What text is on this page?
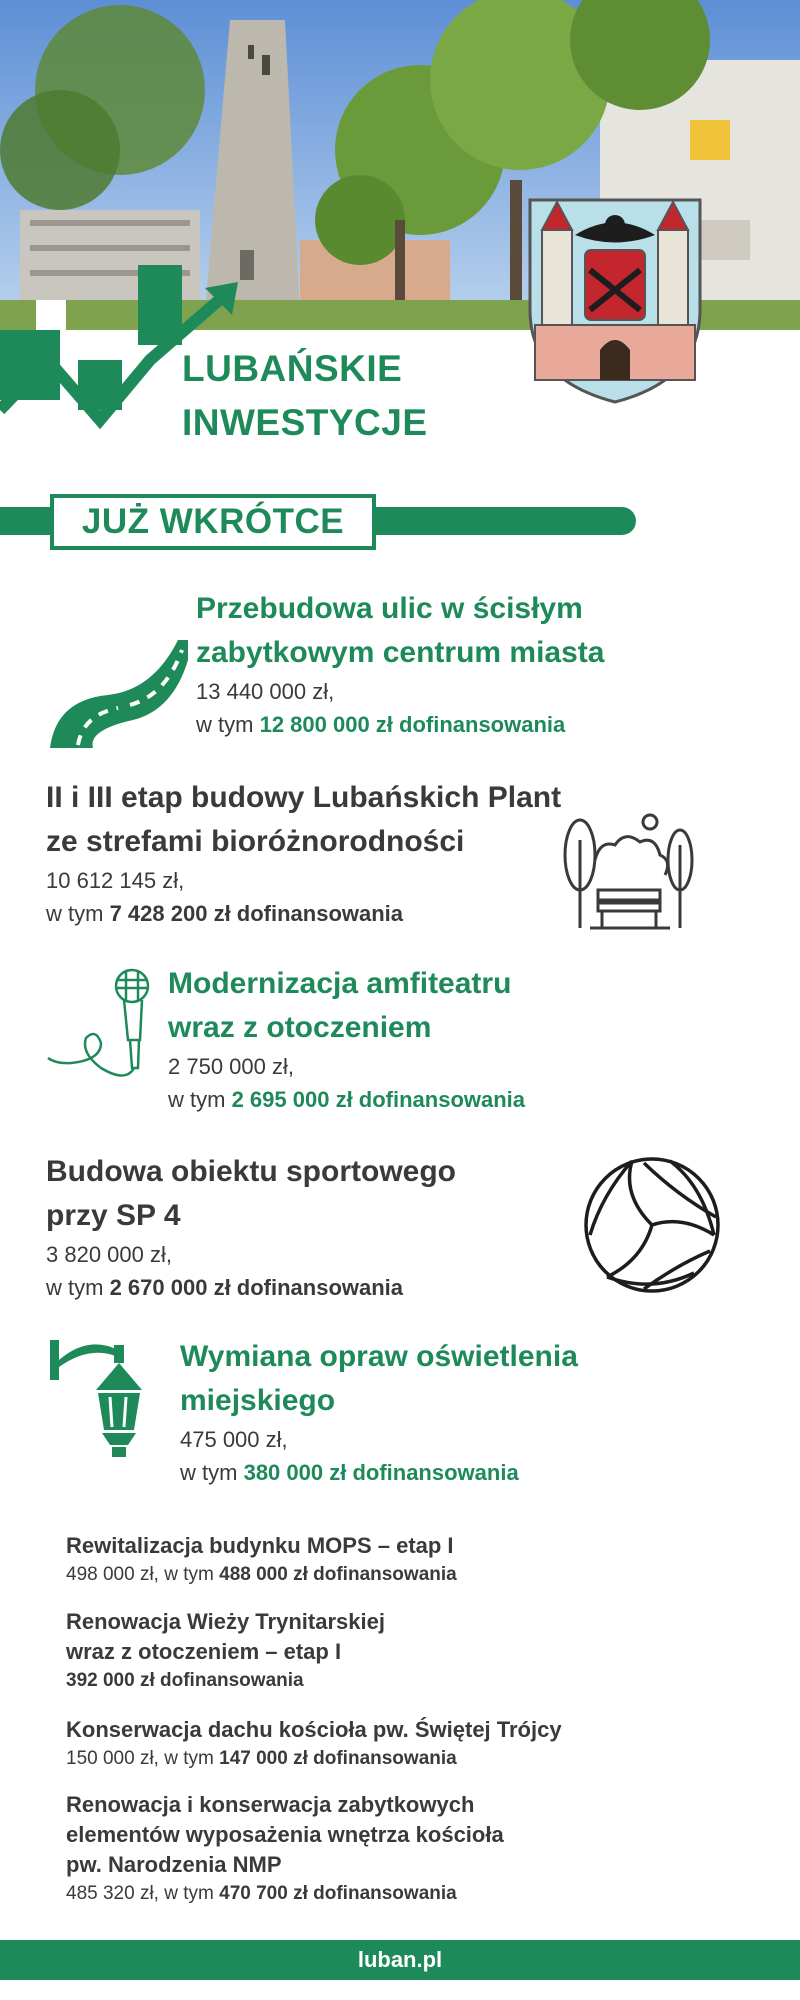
LUBAŃSKIE
INWESTYCJE
JUŻ WKRÓTCE
Przebudowa ulic w ścisłym
zabytkowym centrum miasta
13 440 000 zł,
w tym 12 800 000 zł dofinansowania
II i III etap budowy Lubańskich Plant
ze strefami bioróżnorodności
10 612 145 zł,
w tym 7 428 200 zł dofinansowania
Modernizacja amfiteatru
wraz z otoczeniem
2 750 000 zł,
w tym 2 695 000 zł dofinansowania
Budowa obiektu sportowego
przy SP 4
3 820 000 zł,
w tym 2 670 000 zł dofinansowania
Wymiana opraw oświetlenia
miejskiego
475 000 zł,
w tym 380 000 zł dofinansowania
Rewitalizacja budynku MOPS – etap I
498 000 zł, w tym 488 000 zł dofinansowania
Renowacja Wieży Trynitarskiej
wraz z otoczeniem – etap I
392 000 zł dofinansowania
Konserwacja dachu kościoła pw. Świętej Trójcy
150 000 zł, w tym 147 000 zł dofinansowania
Renowacja i konserwacja zabytkowych
elementów wyposażenia wnętrza kościoła
pw. Narodzenia NMP
485 320 zł, w tym 470 700 zł dofinansowania
luban.pl
